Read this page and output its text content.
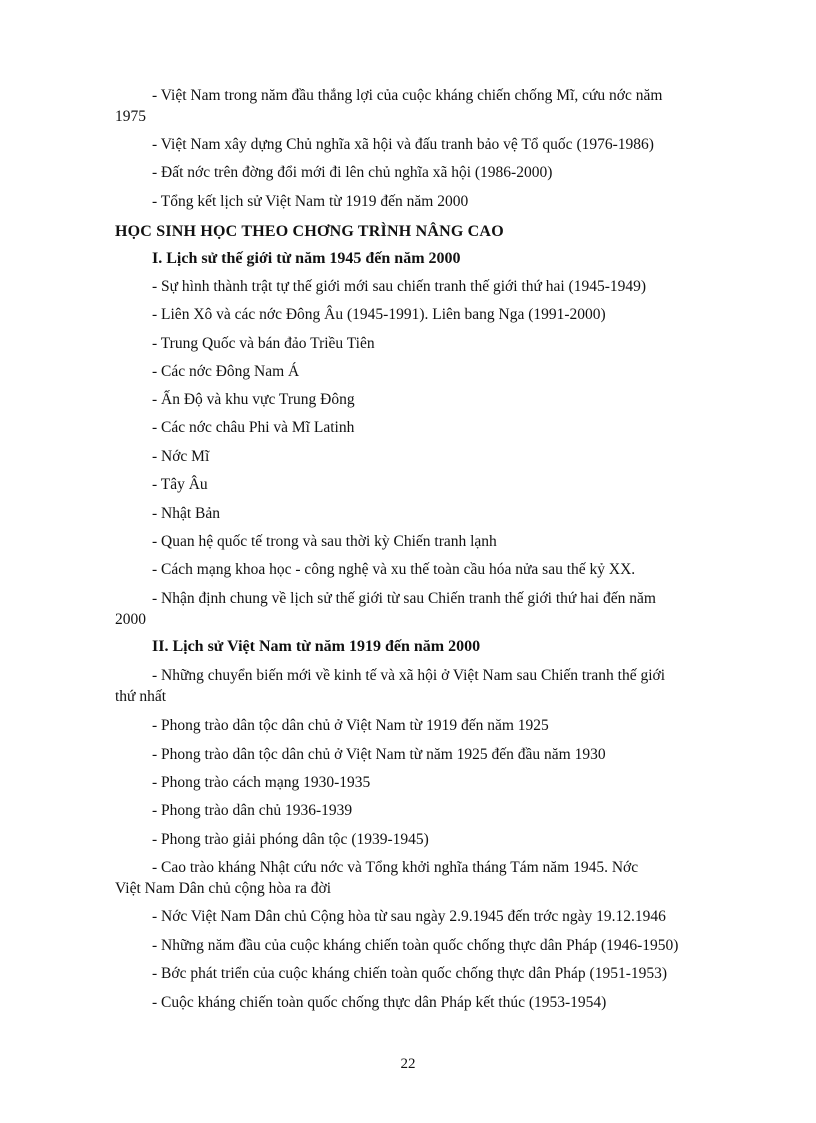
- Việt Nam trong năm đầu thắng lợi của cuộc kháng chiến chống Mĩ, cứu nớc năm
1975
- Việt Nam xây dựng Chủ nghĩa xã hội và đấu tranh bảo vệ Tổ quốc (1976-1986)
- Đất nớc trên đờng đổi mới đi lên chủ nghĩa xã hội (1986-2000)
- Tổng kết lịch sử Việt Nam từ 1919 đến năm 2000
HỌC SINH HỌC THEO CHƠNG TRÌNH NÂNG CAO
I. Lịch sử thế giới từ năm 1945 đến năm 2000
- Sự hình thành trật tự thế giới mới sau chiến tranh thế giới thứ hai (1945-1949)
- Liên Xô và các nớc Đông Âu (1945-1991). Liên bang Nga (1991-2000)
- Trung Quốc và bán đảo Triều Tiên
- Các nớc Đông Nam Á
- Ấn Độ và khu vực Trung Đông
- Các nớc châu Phi và Mĩ Latinh
- Nớc Mĩ
- Tây Âu
- Nhật Bản
- Quan hệ quốc tế trong và sau thời kỳ Chiến tranh lạnh
- Cách mạng khoa học - công nghệ và xu thế toàn cầu hóa nửa sau thế kỷ XX.
- Nhận định chung về lịch sử thế giới từ sau Chiến tranh thế giới thứ hai đến năm
2000
II. Lịch sử Việt Nam từ năm 1919 đến năm 2000
- Những chuyển biến mới về kinh tế và xã hội ở Việt Nam sau Chiến tranh thế giới
thứ nhất
- Phong trào dân tộc dân chủ ở Việt Nam từ 1919 đến năm 1925
- Phong trào dân tộc dân chủ ở Việt Nam từ năm 1925 đến đầu năm 1930
- Phong trào cách mạng 1930-1935
- Phong trào dân chủ 1936-1939
- Phong trào giải phóng dân tộc (1939-1945)
- Cao trào kháng Nhật cứu nớc và Tổng khởi nghĩa tháng Tám năm 1945. Nớc
Việt Nam Dân chủ cộng hòa ra đời
- Nớc Việt Nam Dân chủ Cộng hòa từ sau ngày 2.9.1945 đến trớc ngày 19.12.1946
- Những năm đầu của cuộc kháng chiến toàn quốc chống thực dân Pháp (1946-1950)
- Bớc phát triển của cuộc kháng chiến toàn quốc chống thực dân Pháp (1951-1953)
- Cuộc kháng chiến toàn quốc chống thực dân Pháp kết thúc (1953-1954)
22
